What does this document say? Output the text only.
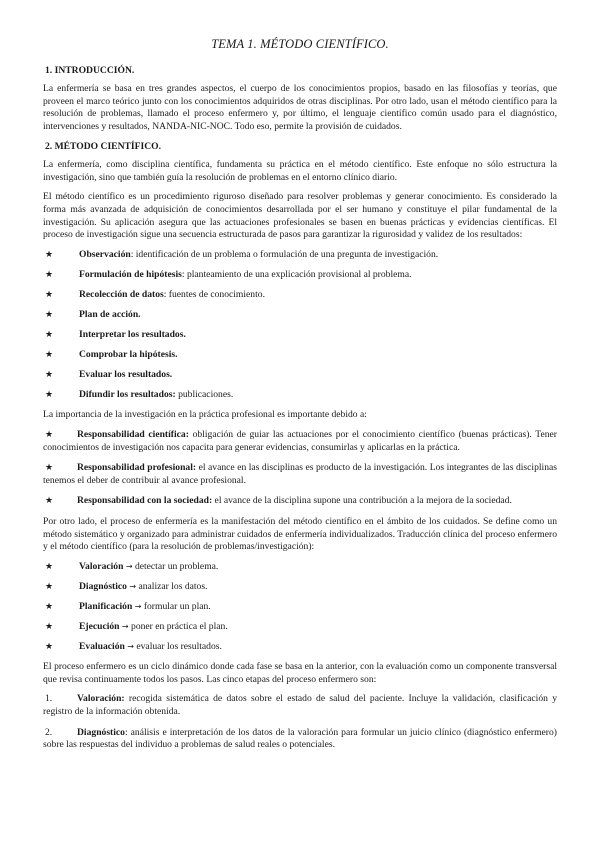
TEMA 1. MÉTODO CIENTÍFICO.
1. INTRODUCCIÓN.

La enfermería se basa en tres grandes aspectos, el cuerpo de los conocimientos propios, basado en las filosofías y teorías, que proveen el marco teórico junto con los conocimientos adquiridos de otras disciplinas. Por otro lado, usan el método científico para la resolución de problemas, llamado el proceso enfermero y, por último, el lenguaje científico común usado para el diagnóstico, intervenciones y resultados, NANDA-NIC-NOC. Todo eso, permite la provisión de cuidados.

2. MÉTODO CIENTÍFICO.

La enfermería, como disciplina científica, fundamenta su práctica en el método científico. Este enfoque no sólo estructura la investigación, sino que también guía la resolución de problemas en el entorno clínico diario.

El método científico es un procedimiento riguroso diseñado para resolver problemas y generar conocimiento. Es considerado la forma más avanzada de adquisición de conocimientos desarrollada por el ser humano y constituye el pilar fundamental de la investigación. Su aplicación asegura que las actuaciones profesionales se basen en buenas prácticas y evidencias científicas. El proceso de investigación sigue una secuencia estructurada de pasos para garantizar la rigurosidad y validez de los resultados:

★	Observación: identificación de un problema o formulación de una pregunta de investigación.
★	Formulación de hipótesis: planteamiento de una explicación provisional al problema.
★	Recolección de datos: fuentes de conocimiento.
★	Plan de acción.
★	Interpretar los resultados.
★	Comprobar la hipótesis.
★	Evaluar los resultados.
★	Difundir los resultados: publicaciones.

La importancia de la investigación en la práctica profesional es importante debido a:

★ Responsabilidad científica: obligación de guiar las actuaciones por el conocimiento científico (buenas prácticas). Tener conocimientos de investigación nos capacita para generar evidencias, consumirlas y aplicarlas en la práctica.
★ Responsabilidad profesional: el avance en las disciplinas es producto de la investigación. Los integrantes de las disciplinas tenemos el deber de contribuir al avance profesional.
★ Responsabilidad con la sociedad: el avance de la disciplina supone una contribución a la mejora de la sociedad.

Por otro lado, el proceso de enfermería es la manifestación del método científico en el ámbito de los cuidados. Se define como un método sistemático y organizado para administrar cuidados de enfermería individualizados. Traducción clínica del proceso enfermero y el método científico (para la resolución de problemas/investigación):

★	Valoración → detectar un problema.
★	Diagnóstico → analizar los datos.
★	Planificación → formular un plan.
★	Ejecución → poner en práctica el plan.
★	Evaluación → evaluar los resultados.

El proceso enfermero es un ciclo dinámico donde cada fase se basa en la anterior, con la evaluación como un componente transversal que revisa continuamente todos los pasos. Las cinco etapas del proceso enfermero son:

1.	Valoración: recogida sistemática de datos sobre el estado de salud del paciente. Incluye la validación, clasificación y registro de la información obtenida.
2.	Diagnóstico: análisis e interpretación de los datos de la valoración para formular un juicio clínico (diagnóstico enfermero) sobre las respuestas del individuo a problemas de salud reales o potenciales.
